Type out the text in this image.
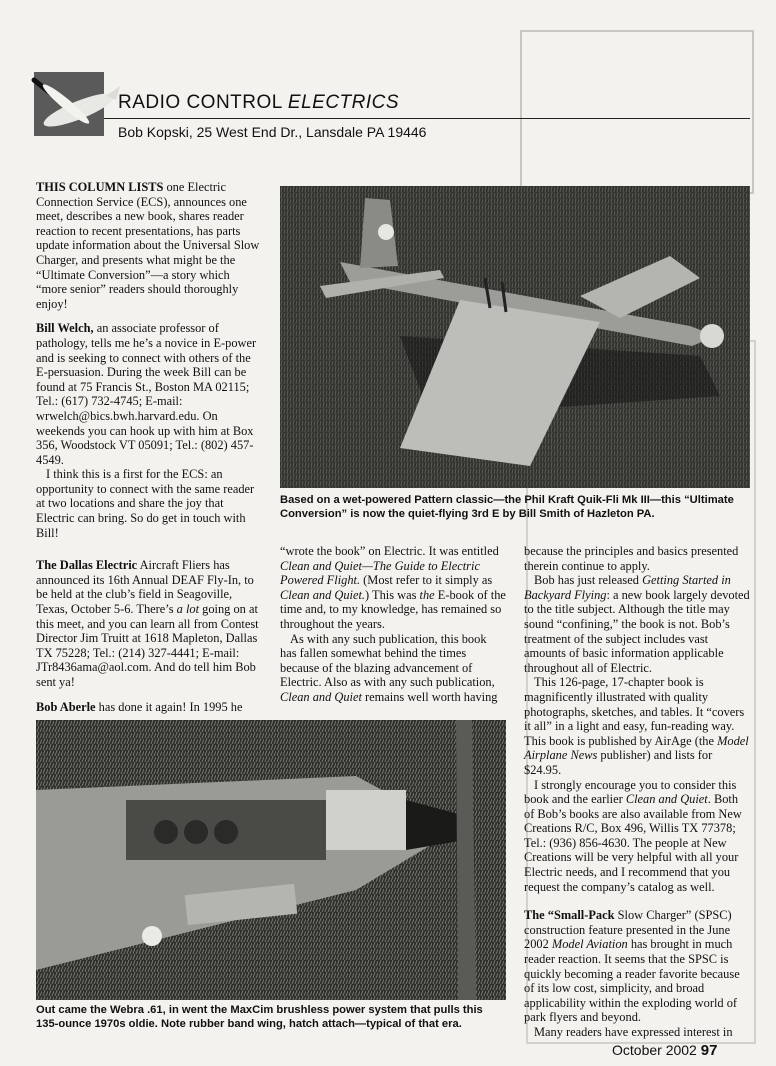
RADIO CONTROL ELECTRICS
Bob Kopski, 25 West End Dr., Lansdale PA 19446

THIS COLUMN LISTS one Electric Connection Service (ECS), announces one meet, describes a new book, shares reader reaction to recent presentations, has parts update information about the Universal Slow Charger, and presents what might be the “Ultimate Conversion”—a story which “more senior” readers should thoroughly enjoy!

Bill Welch, an associate professor of pathology, tells me he’s a novice in E-power and is seeking to connect with others of the E-persuasion. During the week Bill can be found at 75 Francis St., Boston MA 02115; Tel.: (617) 732-4745; E-mail: wrwelch@bics.bwh.harvard.edu. On weekends you can hook up with him at Box 356, Woodstock VT 05091; Tel.: (802) 457-4549.

I think this is a first for the ECS: an opportunity to connect with the same reader at two locations and share the joy that Electric can bring. So do get in touch with Bill!

The Dallas Electric Aircraft Fliers has announced its 16th Annual DEAF Fly-In, to be held at the club’s field in Seagoville, Texas, October 5-6. There’s a lot going on at this meet, and you can learn all from Contest Director Jim Truitt at 1618 Mapleton, Dallas TX 75228; Tel.: (214) 327-4441; E-mail: JTr8436ama@aol.com. And do tell him Bob sent ya!

Bob Aberle has done it again! In 1995 he

Based on a wet-powered Pattern classic—the Phil Kraft Quik-Fli Mk III—this “Ultimate Conversion” is now the quiet-flying 3rd E by Bill Smith of Hazleton PA.

“wrote the book” on Electric. It was entitled Clean and Quiet—The Guide to Electric Powered Flight. (Most refer to it simply as Clean and Quiet.) This was the E-book of the time and, to my knowledge, has remained so throughout the years.

As with any such publication, this book has fallen somewhat behind the times because of the blazing advancement of Electric. Also as with any such publication, Clean and Quiet remains well worth having

Out came the Webra .61, in went the MaxCim brushless power system that pulls this 135-ounce 1970s oldie. Note rubber band wing, hatch attach—typical of that era.

because the principles and basics presented therein continue to apply.

Bob has just released Getting Started in Backyard Flying: a new book largely devoted to the title subject. Although the title may sound “confining,” the book is not. Bob’s treatment of the subject includes vast amounts of basic information applicable throughout all of Electric.

This 126-page, 17-chapter book is magnificently illustrated with quality photographs, sketches, and tables. It “covers it all” in a light and easy, fun-reading way. This book is published by AirAge (the Model Airplane News publisher) and lists for $24.95.

I strongly encourage you to consider this book and the earlier Clean and Quiet. Both of Bob’s books are also available from New Creations R/C, Box 496, Willis TX 77378; Tel.: (936) 856-4630. The people at New Creations will be very helpful with all your Electric needs, and I recommend that you request the company’s catalog as well.

The “Small-Pack Slow Charger” (SPSC) construction feature presented in the June 2002 Model Aviation has brought in much reader reaction. It seems that the SPSC is quickly becoming a reader favorite because of its low cost, simplicity, and broad applicability within the exploding world of park flyers and beyond.

Many readers have expressed interest in

October 2002 97
